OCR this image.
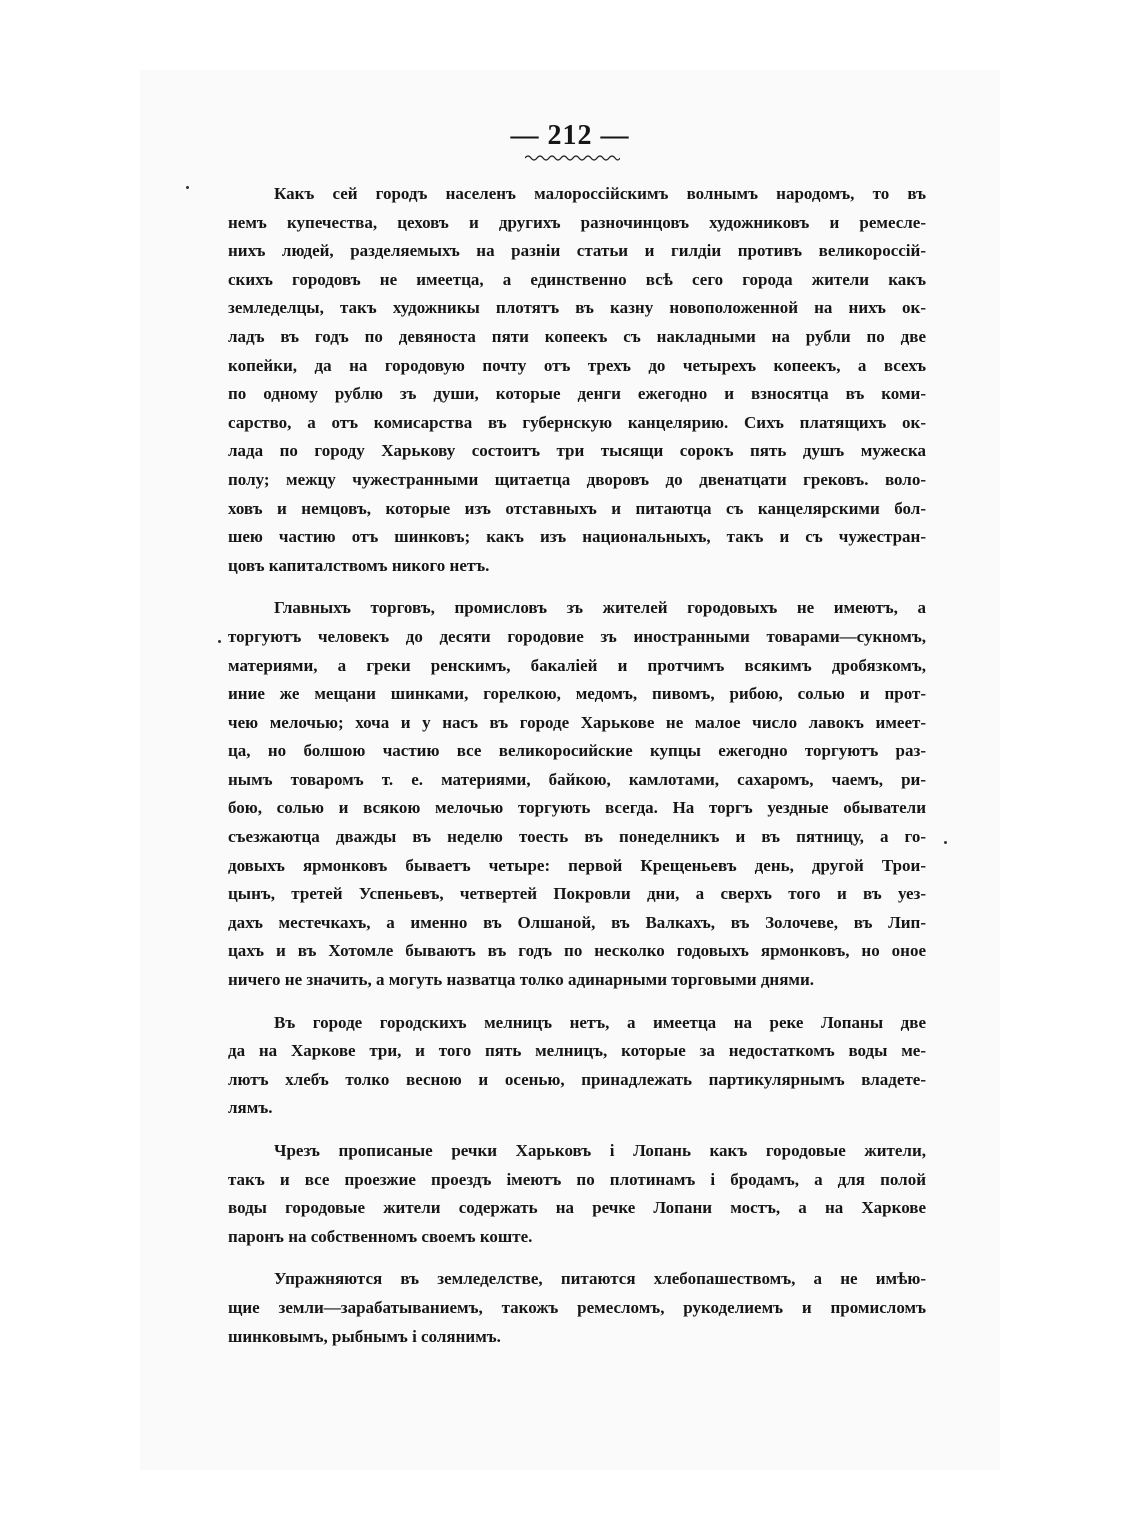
— 212 —
Какъ сей городъ населенъ малороссійскимъ волнымъ народомъ, то въ
немъ купечества, цеховъ и другихъ разночинцовъ художниковъ и ремесле-
нихъ людей, разделяемыхъ на разніи статьи и гилдіи противъ великороссій-
скихъ городовъ не имеетца, а единственно всѣ сего города жители какъ
земледелцы, такъ художникы плотятъ въ казну новоположенной на нихъ ок-
ладъ въ годъ по девяноста пяти копеекъ съ накладными на рубли по две
копейки, да на городовую почту отъ трехъ до четырехъ копеекъ, а всехъ
по одному рублю зъ души, которые денги ежегодно и взносятца въ коми-
сарство, а отъ комисарства въ губернскую канцелярию. Сихъ платящихъ ок-
лада по городу Харькову состоитъ три тысящи сорокъ пять душъ мужеска
полу; межцу чужестранными щитаетца дворовъ до двенатцати грековъ. воло-
ховъ и немцовъ, которые изъ отставныхъ и питаютца съ канцелярскими бол-
шею частию отъ шинковъ; какъ изъ национальныхъ, такъ и съ чужестран-
цовъ капиталствомъ никого нетъ.
Главныхъ торговъ, промисловъ зъ жителей городовыхъ не имеютъ, а
торгуютъ человекъ до десяти городовие зъ иностранными товарами—сукномъ,
материями, а греки ренскимъ, бакаліей и протчимъ всякимъ дробязкомъ,
иние же мещани шинками, горелкою, медомъ, пивомъ, рибою, солью и прот-
чею мелочью; хоча и у насъ въ городе Харькове не малое число лавокъ имеет-
ца, но болшою частию все великоросийские купцы ежегодно торгуютъ раз-
нымъ товаромъ т. е. материями, байкою, камлотами, сахаромъ, чаемъ, ри-
бою, солью и всякою мелочью торгують всегда. На торгъ уездные обыватели
съезжаютца дважды въ неделю тоесть въ понеделникъ и въ пятницу, а го-
довыхъ ярмонковъ бываетъ четыре: первой Крещеньевъ день, другой Трои-
цынъ, третей Успеньевъ, четвертей Покровли дни, а сверхъ того и въ уез-
дахъ местечкахъ, а именно въ Олшаной, въ Валкахъ, въ Золочеве, въ Лип-
цахъ и въ Хотомле бываютъ въ годъ по несколко годовыхъ ярмонковъ, но оное
ничего не значить, а могуть назватца толко адинарными торговыми днями.
Въ городе городскихъ мелницъ нетъ, а имеетца на реке Лопаны две
да на Харкове три, и того пять мелницъ, которые за недостаткомъ воды ме-
лютъ хлебъ толко весною и осенью, принадлежать партикулярнымъ владете-
лямъ.
Чрезъ прописаные речки Харьковъ і Лопань какъ городовые жители,
такъ и все проезжие проездъ імеютъ по плотинамъ і бродамъ, а для полой
воды городовые жители содержать на речке Лопани мостъ, а на Харкове
паронъ на собственномъ своемъ коште.
Упражняются въ земледелстве, питаются хлебопашествомъ, а не имѣю-
щие земли—зарабатываниемъ, такожъ ремесломъ, рукоделиемъ и промисломъ
шинковымъ, рыбнымъ і солянимъ.
